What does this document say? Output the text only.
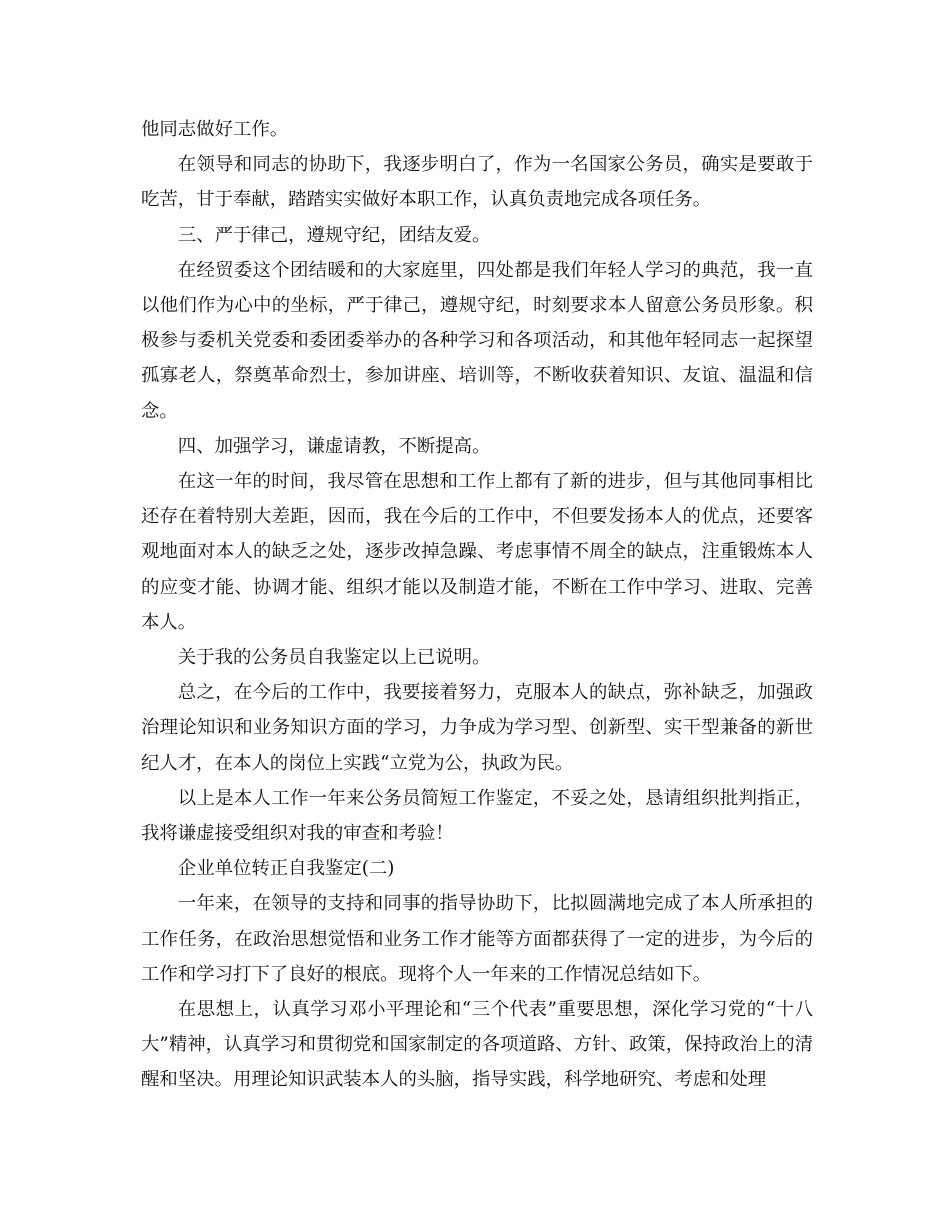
他同志做好工作。

在领导和同志的协助下，我逐步明白了，作为一名国家公务员，确实是要敢于吃苦，甘于奉献，踏踏实实做好本职工作，认真负责地完成各项任务。

三、严于律己，遵规守纪，团结友爱。

在经贸委这个团结暖和的大家庭里，四处都是我们年轻人学习的典范，我一直以他们作为心中的坐标，严于律己，遵规守纪，时刻要求本人留意公务员形象。积极参与委机关党委和委团委举办的各种学习和各项活动，和其他年轻同志一起探望孤寡老人，祭奠革命烈士，参加讲座、培训等，不断收获着知识、友谊、温温和信念。

四、加强学习，谦虚请教，不断提高。

在这一年的时间，我尽管在思想和工作上都有了新的进步，但与其他同事相比还存在着特别大差距，因而，我在今后的工作中，不但要发扬本人的优点，还要客观地面对本人的缺乏之处，逐步改掉急躁、考虑事情不周全的缺点，注重锻炼本人的应变才能、协调才能、组织才能以及制造才能，不断在工作中学习、进取、完善本人。

关于我的公务员自我鉴定以上已说明。

总之，在今后的工作中，我要接着努力，克服本人的缺点，弥补缺乏，加强政治理论知识和业务知识方面的学习，力争成为学习型、创新型、实干型兼备的新世纪人才，在本人的岗位上实践“立党为公，执政为民。

以上是本人工作一年来公务员简短工作鉴定，不妥之处，恳请组织批判指正，我将谦虚接受组织对我的审查和考验！

企业单位转正自我鉴定(二)

一年来，在领导的支持和同事的指导协助下，比拟圆满地完成了本人所承担的工作任务，在政治思想觉悟和业务工作才能等方面都获得了一定的进步，为今后的工作和学习打下了良好的根底。现将个人一年来的工作情况总结如下。

在思想上，认真学习邓小平理论和“三个代表”重要思想，深化学习党的“十八大”精神，认真学习和贯彻党和国家制定的各项道路、方针、政策，保持政治上的清醒和坚决。用理论知识武装本人的头脑，指导实践，科学地研究、考虑和处理
